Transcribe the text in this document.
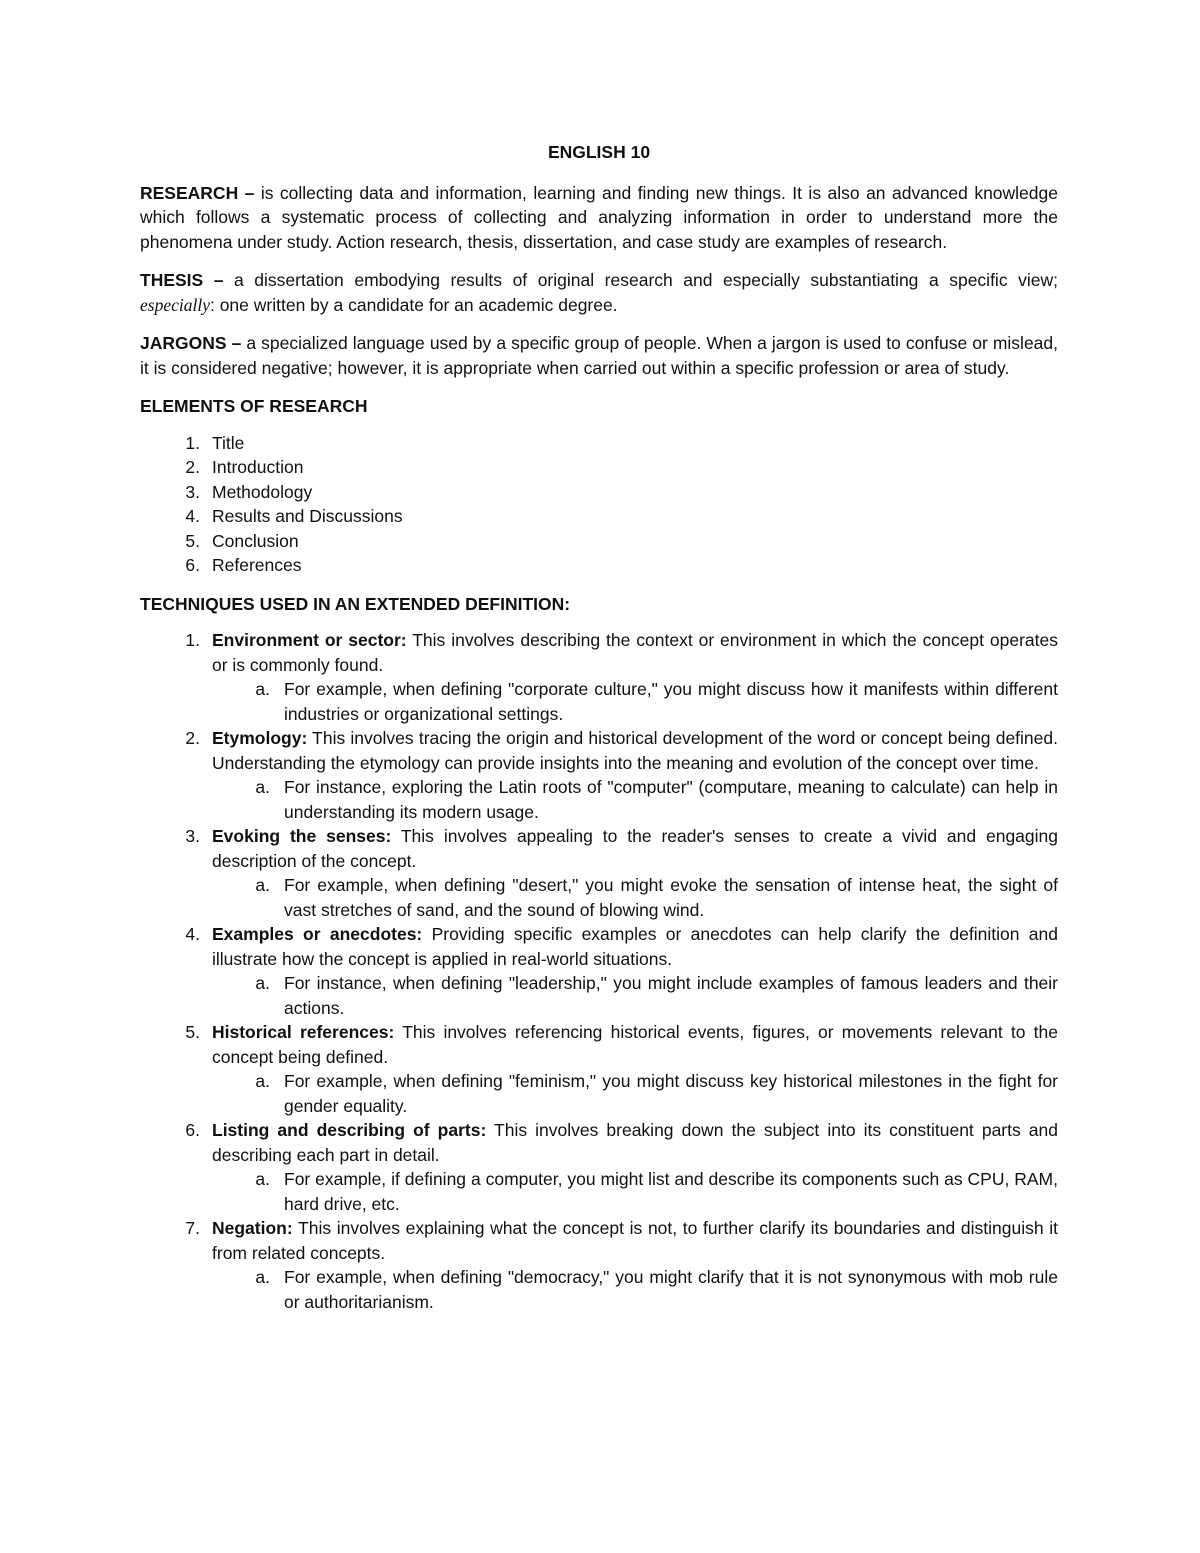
ENGLISH 10

RESEARCH – is collecting data and information, learning and finding new things. It is also an advanced knowledge which follows a systematic process of collecting and analyzing information in order to understand more the phenomena under study. Action research, thesis, dissertation, and case study are examples of research.

THESIS – a dissertation embodying results of original research and especially substantiating a specific view; especially: one written by a candidate for an academic degree.

JARGONS – a specialized language used by a specific group of people. When a jargon is used to confuse or mislead, it is considered negative; however, it is appropriate when carried out within a specific profession or area of study.

ELEMENTS OF RESEARCH
1. Title
2. Introduction
3. Methodology
4. Results and Discussions
5. Conclusion
6. References
TECHNIQUES USED IN AN EXTENDED DEFINITION:
1. Environment or sector: This involves describing the context or environment in which the concept operates or is commonly found.
a. For example, when defining "corporate culture," you might discuss how it manifests within different industries or organizational settings.
2. Etymology: This involves tracing the origin and historical development of the word or concept being defined. Understanding the etymology can provide insights into the meaning and evolution of the concept over time.
a. For instance, exploring the Latin roots of "computer" (computare, meaning to calculate) can help in understanding its modern usage.
3. Evoking the senses: This involves appealing to the reader's senses to create a vivid and engaging description of the concept.
a. For example, when defining "desert," you might evoke the sensation of intense heat, the sight of vast stretches of sand, and the sound of blowing wind.
4. Examples or anecdotes: Providing specific examples or anecdotes can help clarify the definition and illustrate how the concept is applied in real-world situations.
a. For instance, when defining "leadership," you might include examples of famous leaders and their actions.
5. Historical references: This involves referencing historical events, figures, or movements relevant to the concept being defined.
a. For example, when defining "feminism," you might discuss key historical milestones in the fight for gender equality.
6. Listing and describing of parts: This involves breaking down the subject into its constituent parts and describing each part in detail.
a. For example, if defining a computer, you might list and describe its components such as CPU, RAM, hard drive, etc.
7. Negation: This involves explaining what the concept is not, to further clarify its boundaries and distinguish it from related concepts.
a. For example, when defining "democracy," you might clarify that it is not synonymous with mob rule or authoritarianism.
